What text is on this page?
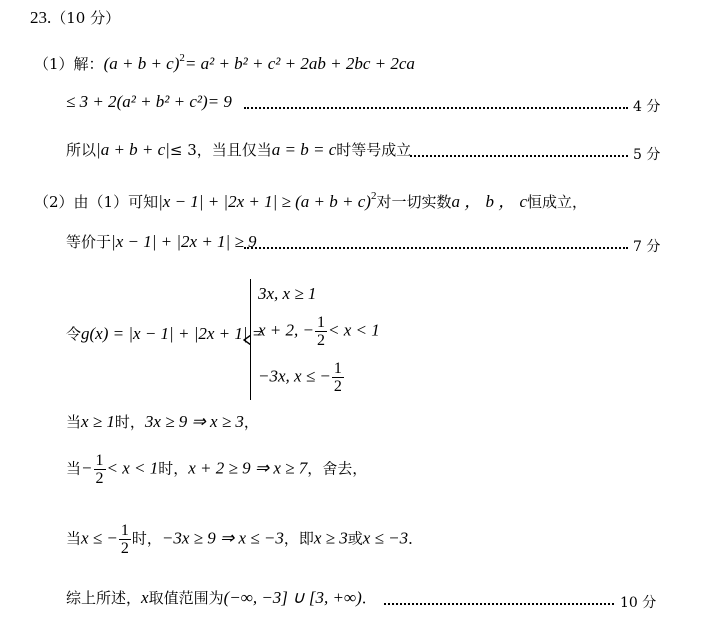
23.（10 分）
（1）解：$(a + b + c)^2= a^2 + b^2 + c^2 + 2ab + 2bc + 2ca$
≤ 3 + 2(a² + b² + c²)= 9	4 分
所以|a + b + c|≤ 3，当且仅当a = b = c时等号成立	5 分
（2）由（1）可知$|x - 1| + |2x + 1| \ge (a + b + c)^2$对一切实数a ， b ， c恒成立，
等价于|x − 1| + |2x + 1| ≥ 9	7 分
令g(x) = |x − 1| + |2x + 1| =
3x, x ≥ 1
x + 2, − $\frac{1}{2} < x < 1$
−3x, x ≤ − $\frac{1}{2}$
当x ≥ 1时，3x ≥ 9 ⇒ x ≥ 3，
当− $\frac{1}{2} < x < 1$时，x + 2 ≥ 9 ⇒ x ≥ 7，舍去，
当x ≤ − $\frac{1}{2}$ 时，−3x ≥ 9 ⇒ x ≤ −3，即x ≥ 3或x ≤ −3．
综上所述，x取值范围为(−∞, −3] ∪ [3, +∞)．	10 分
